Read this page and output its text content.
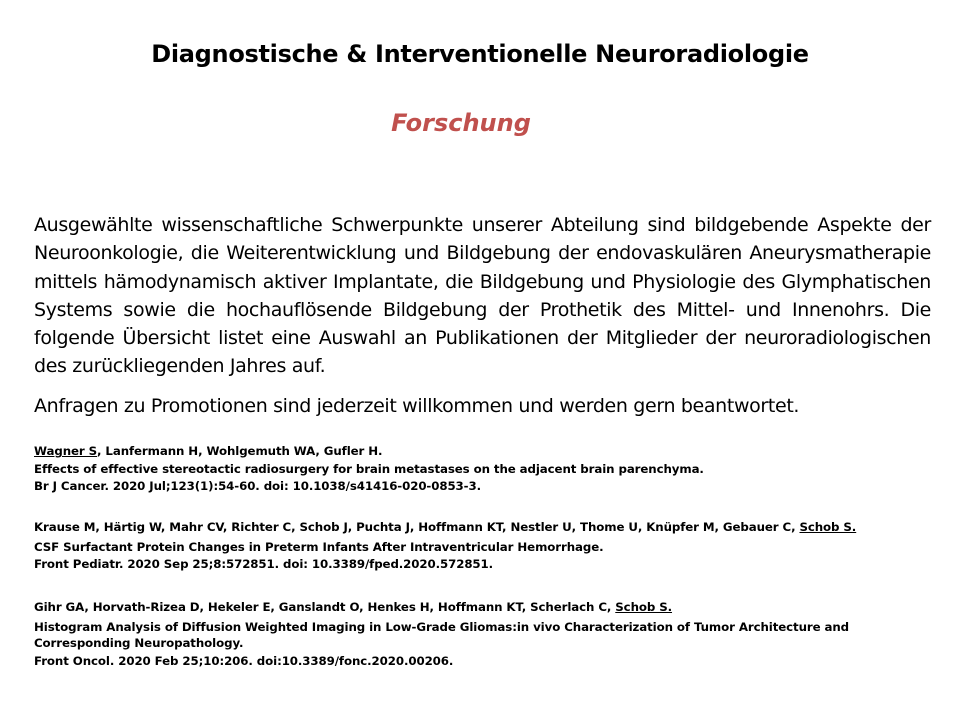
Diagnostische & Interventionelle Neuroradiologie
Forschung

Ausgewählte wissenschaftliche Schwerpunkte unserer Abteilung sind bildgebende Aspekte der Neuroonkologie, die Weiterentwicklung und Bildgebung der endovaskulären Aneurysmatherapie mittels hämodynamisch aktiver Implantate, die Bildgebung und Physiologie des Glymphatischen Systems sowie die hochauflösende Bildgebung der Prothetik des Mittel- und Innenohrs. Die folgende Übersicht listet eine Auswahl an Publikationen der Mitglieder der neuroradiologischen des zurückliegenden Jahres auf.

Anfragen zu Promotionen sind jederzeit willkommen und werden gern beantwortet.

Wagner S, Lanfermann H, Wohlgemuth WA, Gufler H.
Effects of effective stereotactic radiosurgery for brain metastases on the adjacent brain parenchyma.
Br J Cancer. 2020 Jul;123(1):54-60. doi: 10.1038/s41416-020-0853-3.
Krause M, Härtig W, Mahr CV, Richter C, Schob J, Puchta J, Hoffmann KT, Nestler U, Thome U, Knüpfer M, Gebauer C, Schob S.
CSF Surfactant Protein Changes in Preterm Infants After Intraventricular Hemorrhage.
Front Pediatr. 2020 Sep 25;8:572851. doi: 10.3389/fped.2020.572851.
Gihr GA, Horvath-Rizea D, Hekeler E, Ganslandt O, Henkes H, Hoffmann KT, Scherlach C, Schob S.
Histogram Analysis of Diffusion Weighted Imaging in Low-Grade Gliomas:in vivo Characterization of Tumor Architecture and Corresponding Neuropathology.
Front Oncol. 2020 Feb 25;10:206. doi:10.3389/fonc.2020.00206.
